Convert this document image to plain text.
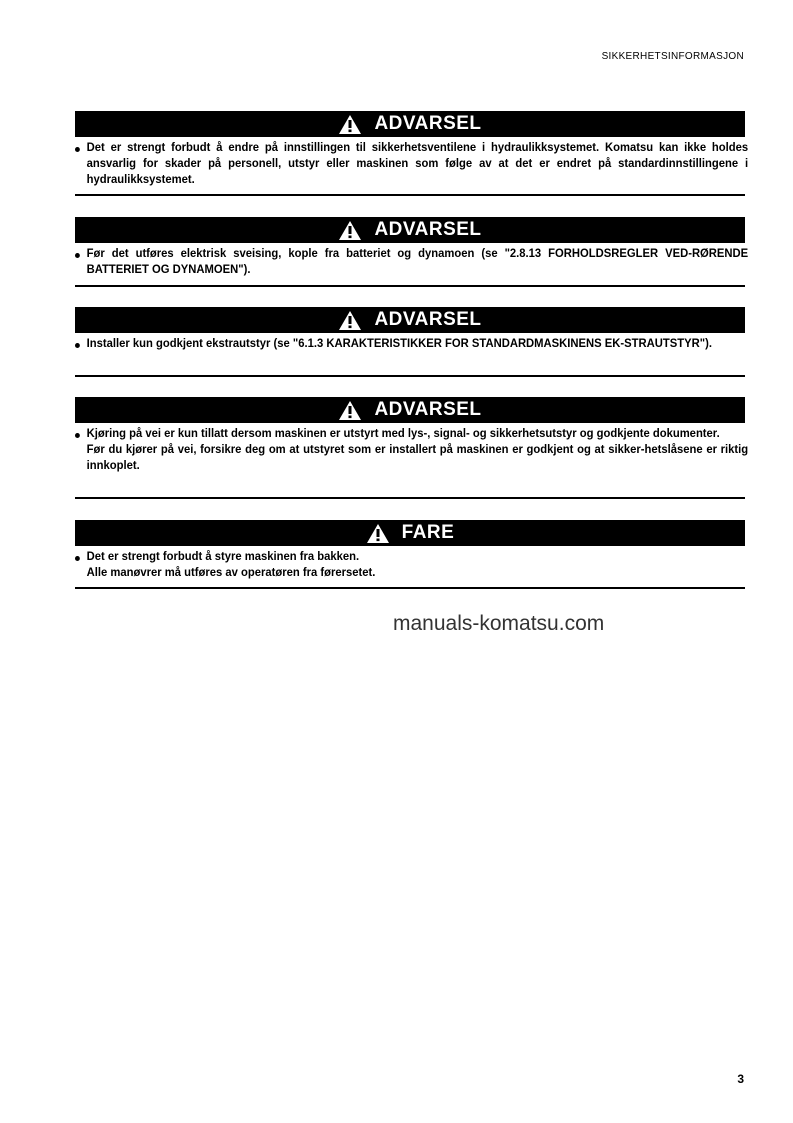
SIKKERHETSINFORMASJON
ADVARSEL

Det er strengt forbudt å endre på innstillingen til sikkerhetsventilene i hydraulikksystemet. Komatsu kan ikke holdes ansvarlig for skader på personell, utstyr eller maskinen som følge av at det er endret på standardinnstillingene i hydraulikksystemet.

ADVARSEL

Før det utføres elektrisk sveising, kople fra batteriet og dynamoen (se "2.8.13 FORHOLDSREGLER VED-RØRENDE BATTERIET OG DYNAMOEN").

ADVARSEL

Installer kun godkjent ekstrautstyr (se "6.1.3 KARAKTERISTIKKER FOR STANDARDMASKINENS EK-STRAUTSTYR").

ADVARSEL

Kjøring på vei er kun tillatt dersom maskinen er utstyrt med lys-, signal- og sikkerhetsutstyr og godkjente dokumenter.

Før du kjører på vei, forsikre deg om at utstyret som er installert på maskinen er godkjent og at sikker-hetslåsene er riktig innkoplet.

FARE

Det er strengt forbudt å styre maskinen fra bakken.

Alle manøvrer må utføres av operatøren fra førersetet.

manuals-komatsu.com
3
